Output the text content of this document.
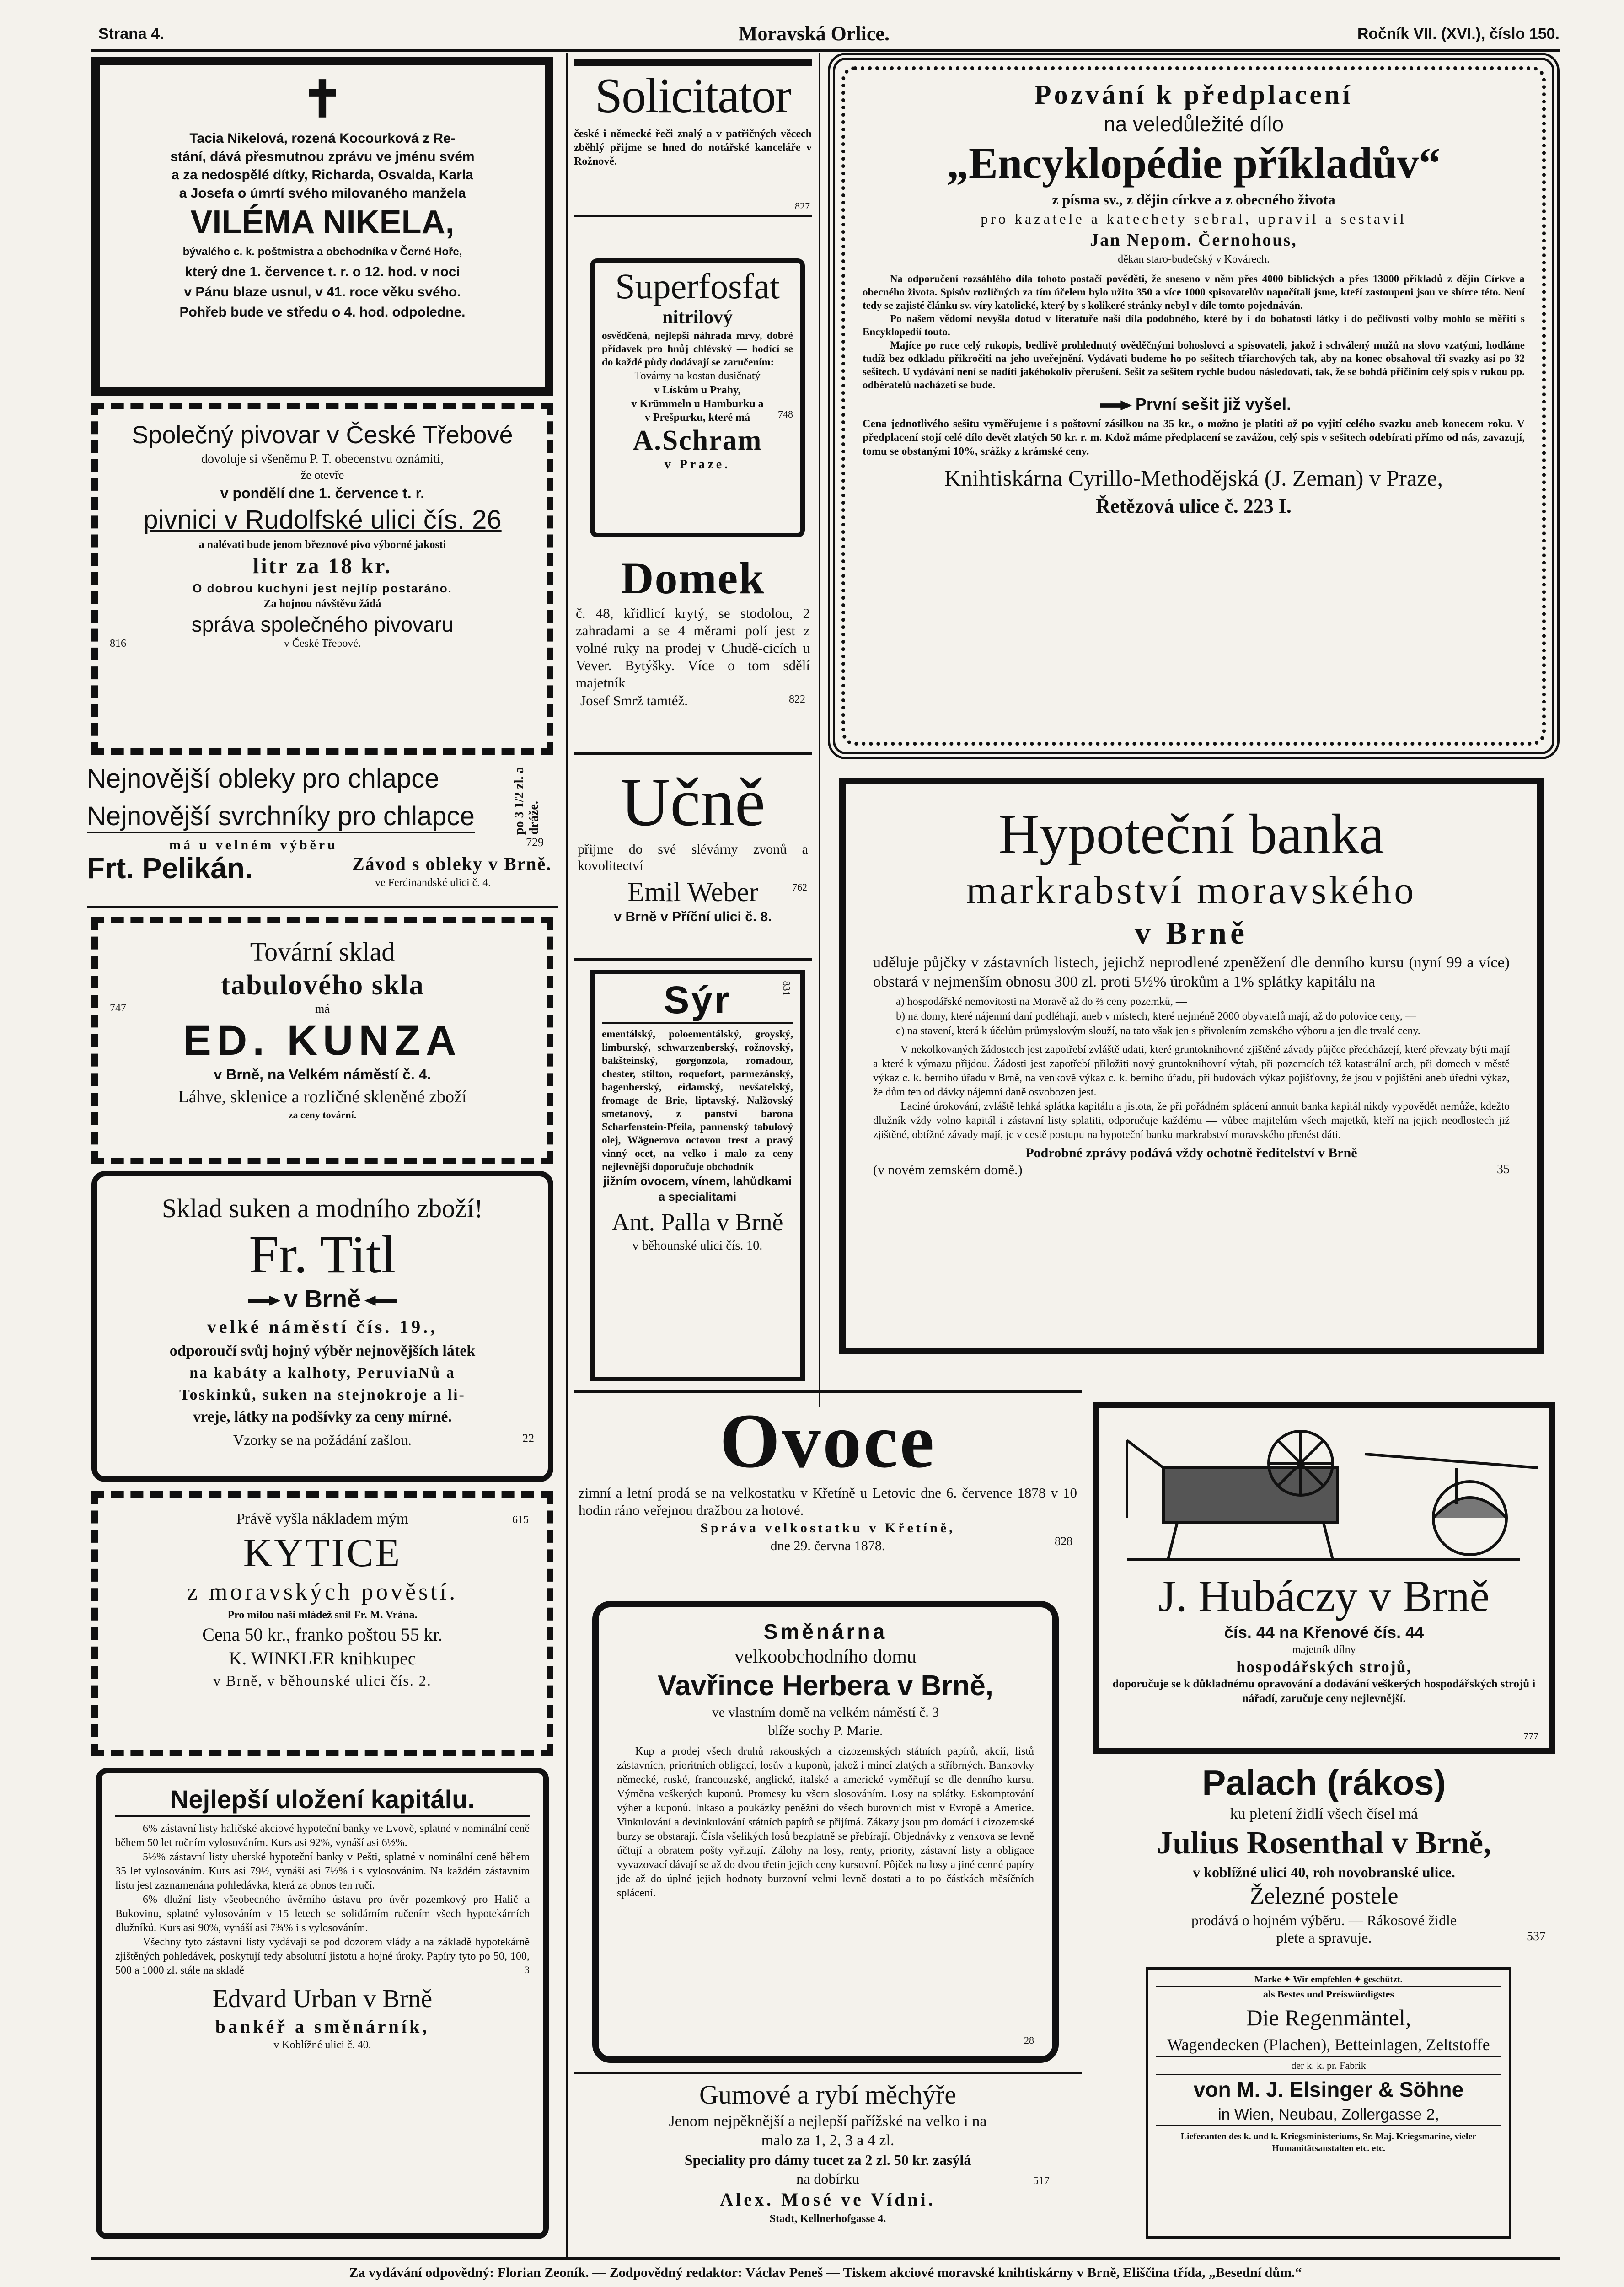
Strana 4.	Moravská Orlice.	Ročník VII. (XVI.), číslo 150.
✝
Tacia Nikelová, rozená Kocourková z Re-
stání, dává přesmutnou zprávu ve jménu svém
a za nedospělé dítky, Richarda, Osvalda, Karla
a Josefa o úmrtí svého milovaného manžela
VILÉMA NIKELA,
bývalého c. k. poštmistra a obchodníka v Černé Hoře,
který dne 1. července t. r. o 12. hod. v noci
v Pánu blaze usnul, v 41. roce věku svého.
Pohřeb bude ve středu o 4. hod. odpoledne.
Společný pivovar v České Třebové
dovoluje si všeněmu P. T. obecenstvu oznámiti,
že otevře
v pondělí dne 1. července t. r.
pivnici v Rudolfské ulici čís. 26
a nalévati bude jenom březnové pivo výborné jakosti
litr za 18 kr.
O dobrou kuchyni jest nejlíp postaráno.
Za hojnou návštěvu žádá
správa společného pivovaru
816	v České Třebové.
Nejnovější obleky pro chlapce
Nejnovější svrchníky pro chlapce	po 3 1/2 zl. a dráže.
má u velném výběru	729
Frt. Pelikán.	Závod s obleky v Brně.
ve Ferdinandské ulici č. 4.
Tovární sklad
tabulového skla
747	má
ED. KUNZA
v Brně, na Velkém náměstí č. 4.
Láhve, sklenice a rozličné skleněné zboží
za ceny tovární.
Sklad suken a modního zboží!
Fr. Titl
v Brně
velké náměstí čís. 19.,
odporoučí svůj hojný výběr nejnovějších látek
na kabáty a kalhoty, PeruviaNů a
Toskinků, suken na stejnokroje a li-
vreje, látky na podšívky za ceny mírné.
Vzorky se na požádání zašlou.	22
Právě vyšla nákladem mým	615
KYTICE
z moravských pověstí.
Pro milou naši mládež snil Fr. M. Vrána.
Cena 50 kr., franko poštou 55 kr.
K. WINKLER knihkupec
v Brně, v běhounské ulici čís. 2.
Nejlepší uložení kapitálu.

6% zástavní listy haličské akciové hypoteční banky ve Lvově, splatné v nominální ceně během 50 let ročním vylosováním. Kurs asi 92%, vynáší asi 6½%.

5½% zástavní listy uherské hypoteční banky v Pešti, splatné v nominální ceně během 35 let vylosováním. Kurs asi 79½, vynáší asi 7½% i s vylosováním. Na každém zástavním listu jest zaznamenána pohledávka, která za obnos ten ručí.

6% dlužní listy všeobecného úvěrního ústavu pro úvěr pozemkový pro Halič a Bukovinu, splatné vylosováním v 15 letech se solidárním ručením všech hypotekárních dlužníků. Kurs asi 90%, vynáší asi 7¾% i s vylosováním.

Všechny tyto zástavní listy vydávají se pod dozorem vlády a na základě hypotekárně zjištěných pohledávek, poskytují tedy absolutní jistotu a hojné úroky. Papíry tyto po 50, 100, 500 a 1000 zl. stále na skladě	3
Edvard Urban v Brně
bankéř a směnárník,
v Koblížné ulici č. 40.
Solicitator
české i německé řeči znalý a v patřičných věcech zběhlý přijme se hned do notářské kanceláře v Rožnově.
827
Superfosfat
nitrilový
osvědčená, nejlepší náhrada mrvy, dobré přídavek pro hnůj chlévský — hodící se do každé půdy dodávají se zaručením:
748
Továrny na kostan dusičnatý
v Lískům u Prahy,
v Krümmeln u Hamburku a
v Prešpurku, které má
A.Schram
v Praze.
Domek
č. 48, křidlicí krytý, se stodolou, 2 zahradami a se 4 měrami polí jest z volné ruky na prodej v Chudě-cicích u Vever. Bytýšky. Více o tom sdělí majetník
Josef Smrž tamtéž.	822
Učně
přijme do své slévárny zvonů a kovolitectví
762
Emil Weber
v Brně v Příční ulici č. 8.
Sýr	831
ementálský, poloementálský, groyský, limburský, schwarzenberský, rožnovský, bakšteinský, gorgonzola, romadour, chester, stilton, roquefort, parmezánský, bagenberský, eidamský, nevšatelský, fromage de Brie, liptavský. Nalžovský smetanový, z panství barona Scharfenstein-Pfeila, pannenský tabulový olej, Wägnerovo octovou trest a pravý vinný ocet, na velko i malo za ceny nejlevnější doporučuje obchodník
jižním ovocem, vínem, lahůdkami a specialitami
Ant. Palla v Brně
v běhounské ulici čís. 10.
Pozvání k předplacení
na veledůležité dílo
„Encyklopédie příkladův“
z písma sv., z dějin církve a z obecného života
pro kazatele a katechety sebral, upravil a sestavil
Jan Nepom. Černohous,
děkan staro-budečský v Kovárech.

Na odporučení rozsáhlého díla tohoto postačí pověděti, že sneseno v něm přes 4000 biblických a přes 13000 příkladů z dějin Církve a obecného života. Spisův rozličných za tím účelem bylo užito 350 a více 1000 spisovatelův napočítali jsme, kteří zastoupeni jsou ve sbírce této. Není tedy se zajisté článku sv. víry katolické, který by s kolikeré stránky nebyl v díle tomto pojednáván.

Po našem vědomí nevyšla dotud v literatuře naší díla podobného, které by i do bohatosti látky i do pečlivosti volby mohlo se měřiti s Encyklopedií touto.

Majíce po ruce celý rukopis, bedlivě prohlednutý ověděčnými bohoslovci a spisovateli, jakož i schválený mužů na slovo vzatými, hodláme tudíž bez odkladu přikročiti na jeho uveřejnění. Vydávati budeme ho po sešitech třiarchových tak, aby na konec obsahoval tři svazky asi po 32 sešitech. U vydávání není se nadíti jakéhokoliv přerušení. Sešit za sešitem rychle budou následovati, tak, že se bohdá přičiním celý spis v rukou pp. odběratelů nacházeti se bude.

První sešit již vyšel.
Cena jednotlivého sešitu vyměřujeme i s poštovní zásilkou na 35 kr., o možno je platiti až po vyjití celého svazku aneb konecem roku. V předplacení stojí celé dílo devět zlatých 50 kr. r. m. Kdož máme předplacení se zavážou, celý spis v sešitech odebírati přímo od nás, zavazují, tomu se obstanými 10%, srážky z krámské ceny.
Knihtiskárna Cyrillo-Methodějská (J. Zeman) v Praze,
Řetězová ulice č. 223 I.
Hypoteční banka
markrabství moravského
v Brně
uděluje půjčky v zástavních listech, jejichž neprodlené zpeněžení dle denního kursu (nyní 99 a více) obstará v nejmenším obnosu 300 zl. proti 5½% úrokům a 1% splátky kapitálu na
a) hospodářské nemovitosti na Moravě až do ⅔ ceny pozemků, —
b) na domy, které nájemní daní podléhají, aneb v místech, které nejméně 2000 obyvatelů mají, až do polovice ceny, —
c) na stavení, která k účelům průmyslovým slouží, na tato však jen s přivolením zemského výboru a jen dle trvalé ceny.

V nekolkovaných žádostech jest zapotřebí zvláště udati, které gruntoknihovné zjištěné závady půjčce předcházejí, které převzaty býti mají a které k výmazu přijdou. Žádosti jest zapotřebí přiložiti nový gruntoknihovní výtah, při pozemcích též katastrální arch, při domech v městě výkaz c. k. berního úřadu v Brně, na venkově výkaz c. k. berního úřadu, při budovách výkaz pojišťovny, že jsou v pojištění aneb úřední výkaz, že dům ten od dávky nájemní daně osvobozen jest.

Laciné úrokování, zvláště lehká splátka kapitálu a jistota, že při pořádném splácení annuit banka kapitál nikdy vypovědět nemůže, kdežto dlužník vždy volno kapitál i zástavní listy splatiti, odporučuje každému — vůbec majitelům všech majetků, kteří na jejich neodlostech již zjištěné, obtížné závady mají, je v cestě postupu na hypoteční banku markrabství moravského přenést dáti.

Podrobné zprávy podává vždy ochotně ředitelství v Brně
(v novém zemském domě.)	35
Ovoce
zimní a letní prodá se na velkostatku v Křetíně u Letovic dne 6. července 1878 v 10 hodin ráno veřejnou dražbou za hotové.
828
Správa velkostatku v Křetíně,
dne 29. června 1878.
Směnárna
velkoobchodního domu
Vavřince Herbera v Brně,
ve vlastním domě na velkém náměstí č. 3
blíže sochy P. Marie.
Kup a prodej všech druhů rakouských a cizozemských státních papírů, akcií, listů zástavních, prioritních obligací, losův a kuponů, jakož i mincí zlatých a stříbrných. Bankovky německé, ruské, francouzské, anglické, italské a americké vyměňují se dle denního kursu. Výměna veškerých kuponů. Promesy ku všem slosováním. Losy na splátky. Eskomptování výher a kuponů. Inkaso a poukázky peněžní do všech burovních míst v Evropě a Americe. Vinkulování a devinkulování státních papírů se přijímá. Zákazy jsou pro domácí i cizozemské burzy se obstarají. Čísla všelikých losů bezplatně se přebírají. Objednávky z venkova se levně účtují a obratem pošty vyřizují. Zálohy na losy, renty, priority, zástavní listy a obligace vyvazovací dávají se až do dvou třetin jejich ceny kursovní. Pôjček na losy a jiné cenné papíry jde až do úplné jejich hodnoty burzovní velmi levně dostati a to po částkách měsíčních splácení.
28
Gumové a rybí měchýře
Jenom nejpěknější a nejlepší pařížské na velko i na
malo za 1, 2, 3 a 4 zl.
Speciality pro dámy tucet za 2 zl. 50 kr. zasýlá
na dobírku	517
Alex. Mosé ve Vídni.
Stadt, Kellnerhofgasse 4.
J. Hubáczy v Brně
čís. 44 na Křenové čís. 44
majetník dílny
hospodářských strojů,
doporučuje se k důkladnému opravování a dodávání veškerých hospodářských strojů i nářadí, zaručuje ceny nejlevnější.
777
Palach (rákos)
ku pletení židlí všech čísel má
Julius Rosenthal v Brně,
v koblížné ulici 40, roh novobranské ulice.
Železné postele
prodává o hojném výběru. — Rákosové židle
plete a spravuje.	537
Marke ✦ Wir empfehlen ✦ geschützt.
als Bestes und Preiswürdigstes
Die Regenmäntel,
Wagendecken (Plachen), Betteinlagen, Zeltstoffe
der k. k. pr. Fabrik
von M. J. Elsinger & Söhne
in Wien, Neubau, Zollergasse 2,
Lieferanten des k. und k. Kriegsministeriums, Sr. Maj. Kriegsmarine, vieler Humanitätsanstalten etc. etc.
Za vydávání odpovědný: Florian Zeoník. — Zodpovědný redaktor: Václav Peneš — Tiskem akciové moravské knihtiskárny v Brně, Eliščina třída, „Besední dům.“
